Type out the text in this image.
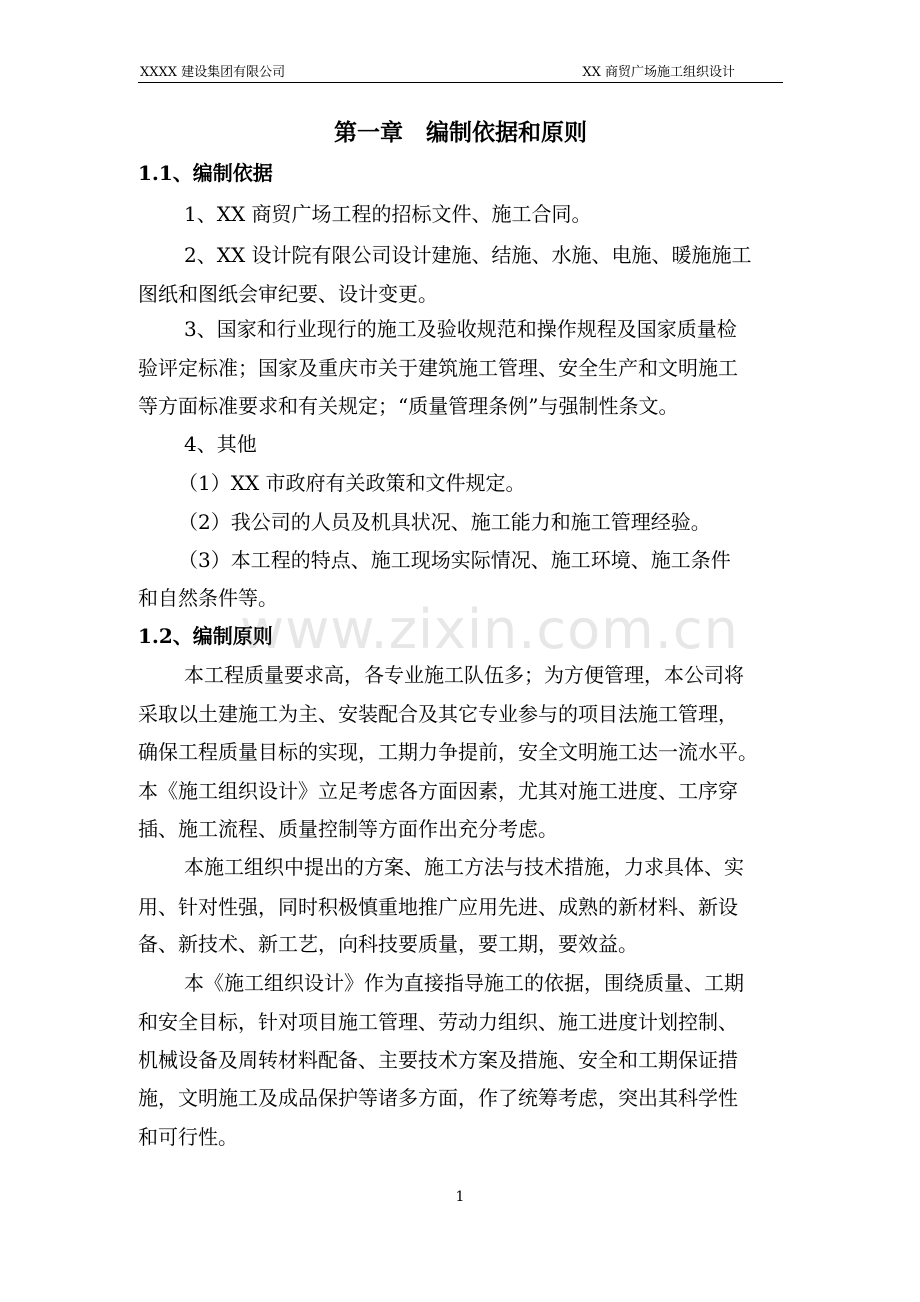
XXXX 建设集团有限公司	XX 商贸广场施工组织设计
第一章　编制依据和原则
1.1、编制依据
1、XX 商贸广场工程的招标文件、施工合同。
2、XX 设计院有限公司设计建施、结施、水施、电施、暖施施工
图纸和图纸会审纪要、设计变更。
3、国家和行业现行的施工及验收规范和操作规程及国家质量检
验评定标准；国家及重庆市关于建筑施工管理、安全生产和文明施工
等方面标准要求和有关规定；“质量管理条例”与强制性条文。
4、其他
（1）XX 市政府有关政策和文件规定。
（2）我公司的人员及机具状况、施工能力和施工管理经验。
（3）本工程的特点、施工现场实际情况、施工环境、施工条件
和自然条件等。
1.2、编制原则
本工程质量要求高，各专业施工队伍多；为方便管理，本公司将
采取以土建施工为主、安装配合及其它专业参与的项目法施工管理，
确保工程质量目标的实现，工期力争提前，安全文明施工达一流水平。
本《施工组织设计》立足考虑各方面因素，尤其对施工进度、工序穿
插、施工流程、质量控制等方面作出充分考虑。
本施工组织中提出的方案、施工方法与技术措施，力求具体、实
用、针对性强，同时积极慎重地推广应用先进、成熟的新材料、新设
备、新技术、新工艺，向科技要质量，要工期，要效益。
本《施工组织设计》作为直接指导施工的依据，围绕质量、工期
和安全目标，针对项目施工管理、劳动力组织、施工进度计划控制、
机械设备及周转材料配备、主要技术方案及措施、安全和工期保证措
施，文明施工及成品保护等诸多方面，作了统筹考虑，突出其科学性
和可行性。
www.zixin.com.cn
1
